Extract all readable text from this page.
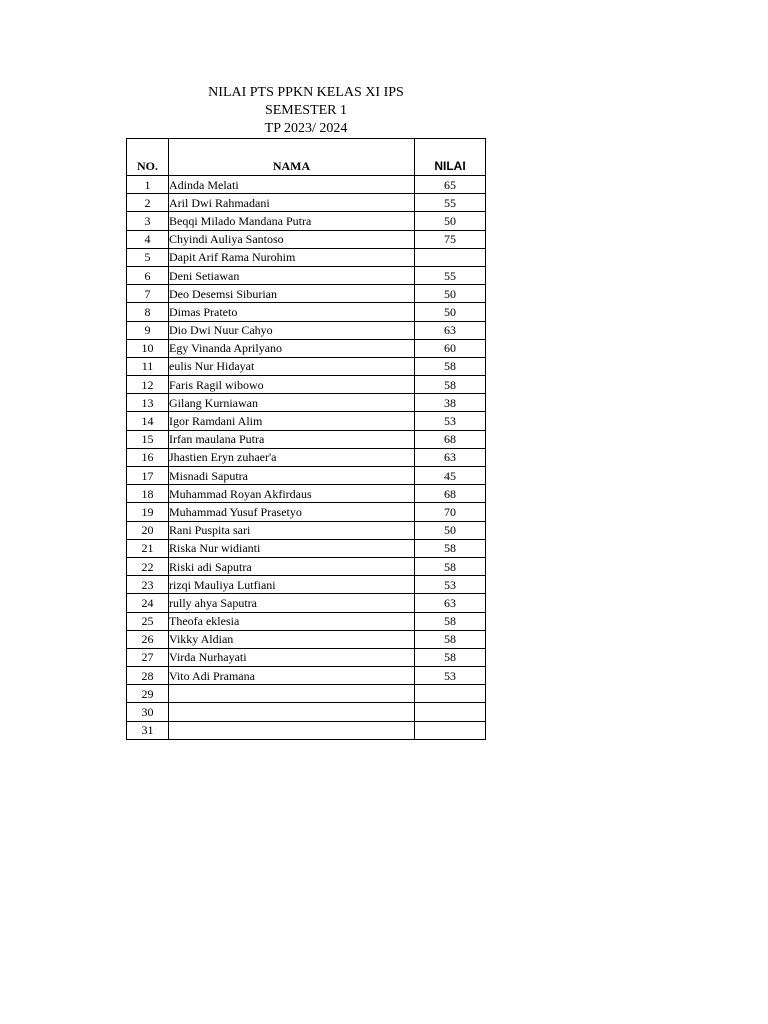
NILAI PTS PPKN KELAS XI IPS
SEMESTER 1
TP 2023/ 2024
NO.	NAMA	NILAI
1	Adinda Melati	65
2	Aril Dwi Rahmadani	55
3	Beqqi Milado Mandana Putra	50
4	Chyindi Auliya Santoso	75
5	Dapit Arif Rama Nurohim	
6	Deni Setiawan	55
7	Deo Desemsi Siburian	50
8	Dimas Prateto	50
9	Dio Dwi Nuur Cahyo	63
10	Egy Vinanda Aprilyano	60
11	eulis Nur Hidayat	58
12	Faris Ragil wibowo	58
13	Gilang Kurniawan	38
14	Igor Ramdani Alim	53
15	Irfan maulana Putra	68
16	Jhastien Eryn zuhaer'a	63
17	Misnadi Saputra	45
18	Muhammad Royan Akfirdaus	68
19	Muhammad Yusuf Prasetyo	70
20	Rani Puspita sari	50
21	Riska Nur widianti	58
22	Riski adi Saputra	58
23	rizqi Mauliya Lutfiani	53
24	rully ahya Saputra	63
25	Theofa eklesia	58
26	Vikky Aldian	58
27	Virda Nurhayati	58
28	Vito Adi Pramana	53
29		
30		
31		
